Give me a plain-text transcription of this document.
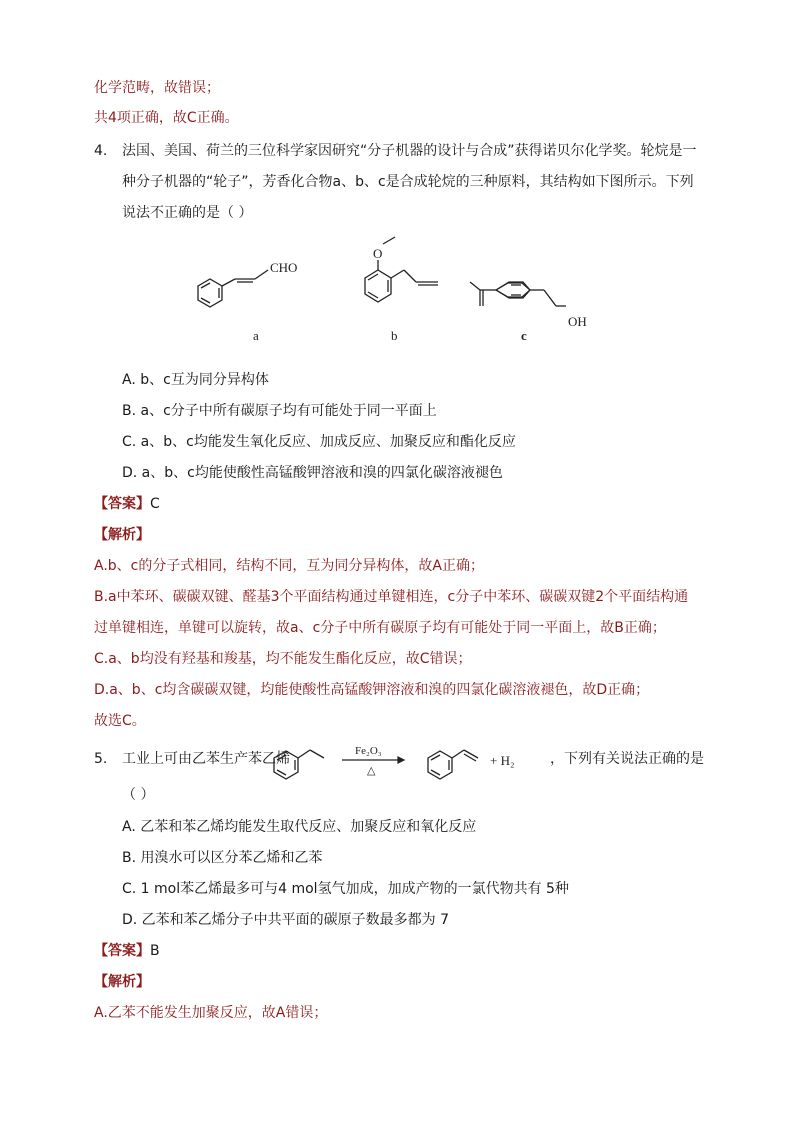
化学范畴，故错误；
共4项正确，故C正确。
4. 法国、美国、荷兰的三位科学家因研究“分子机器的设计与合成”获得诺贝尔化学奖。轮烷是一
种分子机器的“轮子”，芳香化合物a、b、c是合成轮烷的三种原料，其结构如下图所示。下列
说法不正确的是（ ）
CHO
a
O
b
OH
c
A. b、c互为同分异构体
B. a、c分子中所有碳原子均有可能处于同一平面上
C. a、b、c均能发生氧化反应、加成反应、加聚反应和酯化反应
D. a、b、c均能使酸性高锰酸钾溶液和溴的四氯化碳溶液褪色
【答案】C
【解析】
A.b、c的分子式相同，结构不同，互为同分异构体，故A正确；
B.a中苯环、碳碳双键、醛基3个平面结构通过单键相连，c分子中苯环、碳碳双键2个平面结构通
过单键相连，单键可以旋转，故a、c分子中所有碳原子均有可能处于同一平面上，故B正确；
C.a、b均没有羟基和羧基，均不能发生酯化反应，故C错误；
D.a、b、c均含碳碳双键，均能使酸性高锰酸钾溶液和溴的四氯化碳溶液褪色，故D正确；
故选C。
5. 工业上可由乙苯生产苯乙烯	Fe₂O₃
△
+ H₂	，下列有关说法正确的是
（ ）
A. 乙苯和苯乙烯均能发生取代反应、加聚反应和氧化反应
B. 用溴水可以区分苯乙烯和乙苯
C. 1 mol苯乙烯最多可与4 mol氢气加成，加成产物的一氯代物共有 5种
D. 乙苯和苯乙烯分子中共平面的碳原子数最多都为 7
【答案】B
【解析】
A.乙苯不能发生加聚反应，故A错误；
